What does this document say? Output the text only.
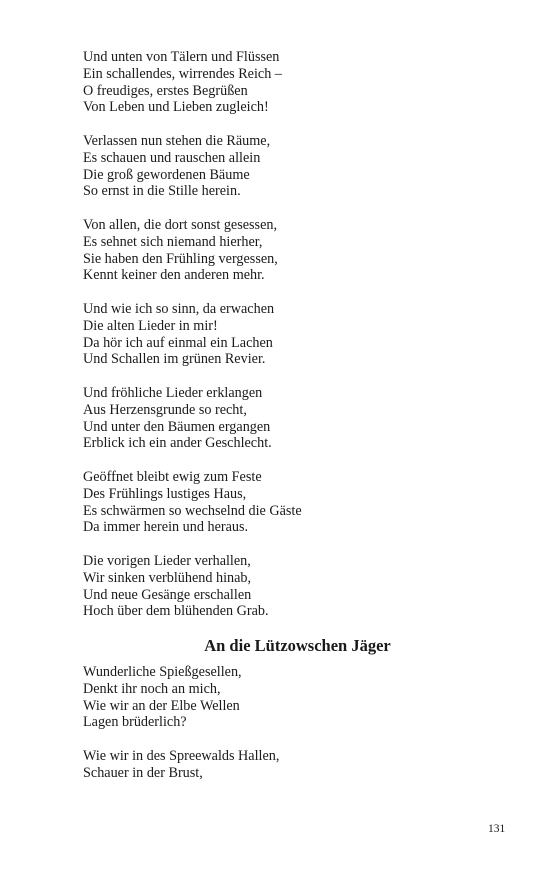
Und unten von Tälern und Flüssen
Ein schallendes, wirrendes Reich –
O freudiges, erstes Begrüßen
Von Leben und Lieben zugleich!
Verlassen nun stehen die Räume,
Es schauen und rauschen allein
Die groß gewordenen Bäume
So ernst in die Stille herein.
Von allen, die dort sonst gesessen,
Es sehnet sich niemand hierher,
Sie haben den Frühling vergessen,
Kennt keiner den anderen mehr.
Und wie ich so sinn, da erwachen
Die alten Lieder in mir!
Da hör ich auf einmal ein Lachen
Und Schallen im grünen Revier.
Und fröhliche Lieder erklangen
Aus Herzensgrunde so recht,
Und unter den Bäumen ergangen
Erblick ich ein ander Geschlecht.
Geöffnet bleibt ewig zum Feste
Des Frühlings lustiges Haus,
Es schwärmen so wechselnd die Gäste
Da immer herein und heraus.
Die vorigen Lieder verhallen,
Wir sinken verblühend hinab,
Und neue Gesänge erschallen
Hoch über dem blühenden Grab.
An die Lützowschen Jäger
Wunderliche Spießgesellen,
Denkt ihr noch an mich,
Wie wir an der Elbe Wellen
Lagen brüderlich?
Wie wir in des Spreewalds Hallen,
Schauer in der Brust,
131
